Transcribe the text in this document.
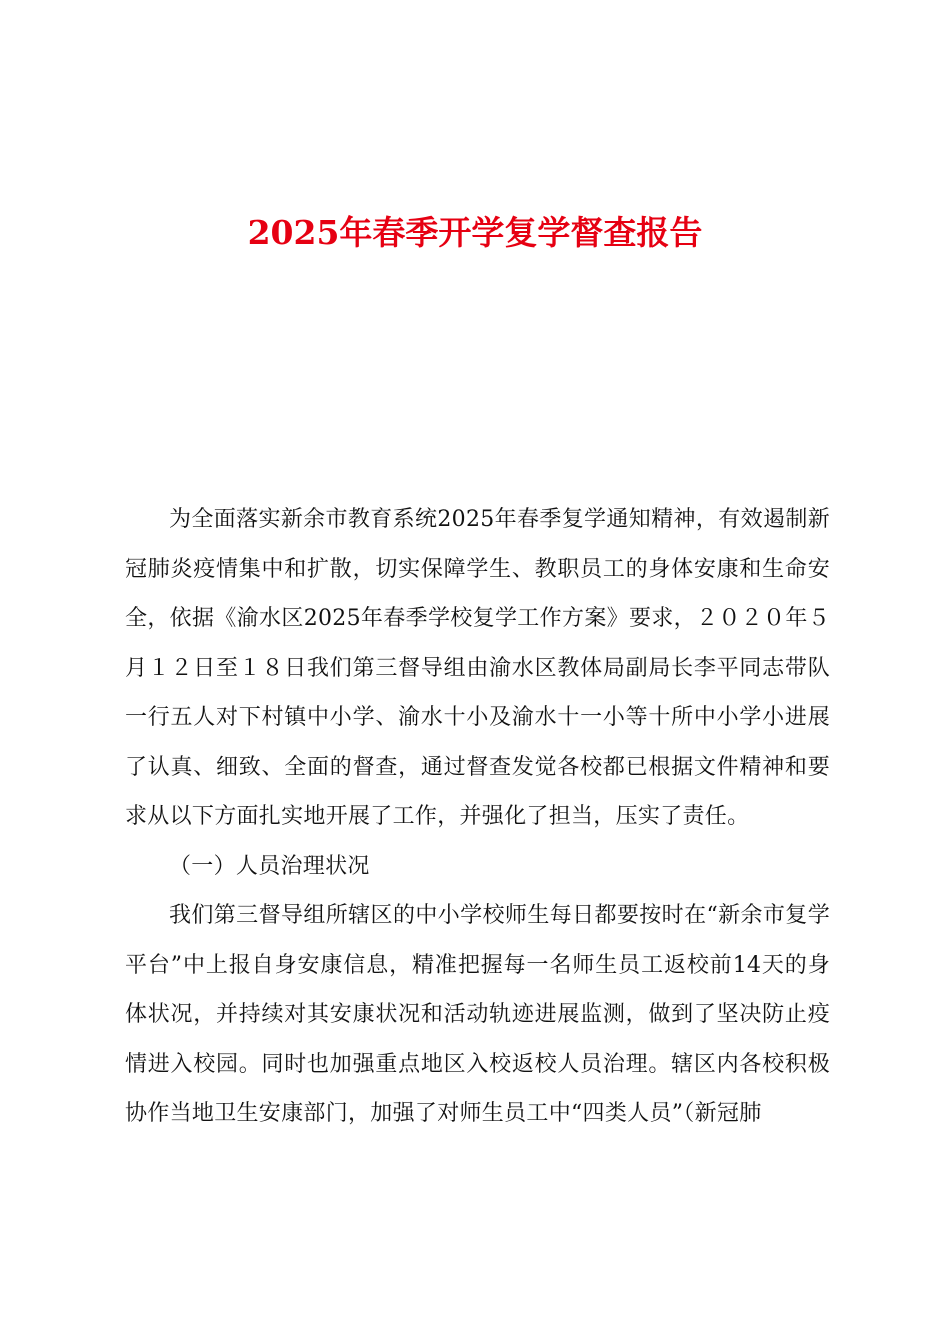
2025年春季开学复学督查报告

为全面落实新余市教育系统2025年春季复学通知精神，有效遏制新冠肺炎疫情集中和扩散，切实保障学生、教职员工的身体安康和生命安全，依据《渝水区2025年春季学校复学工作方案》要求，２０２０年５月１２日至１８日我们第三督导组由渝水区教体局副局长李平同志带队一行五人对下村镇中小学、渝水十小及渝水十一小等十所中小学小进展了认真、细致、全面的督查，通过督查发觉各校都已根据文件精神和要求从以下方面扎实地开展了工作，并强化了担当，压实了责任。

（一）人员治理状况

我们第三督导组所辖区的中小学校师生每日都要按时在“新余市复学平台”中上报自身安康信息，精准把握每一名师生员工返校前14天的身体状况，并持续对其安康状况和活动轨迹进展监测，做到了坚决防止疫情进入校园。同时也加强重点地区入校返校人员治理。辖区内各校积极协作当地卫生安康部门，加强了对师生员工中“四类人员”（新冠肺
